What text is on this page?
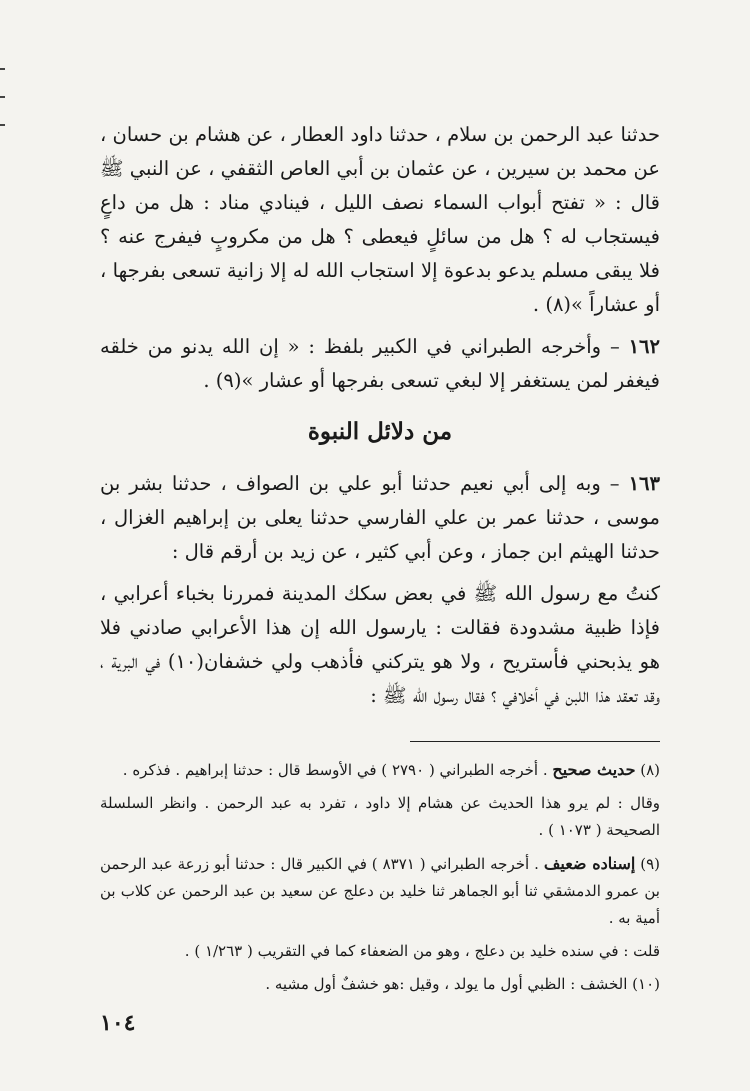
حدثنا عبد الرحمن بن سلام ، حدثنا داود العطار ، عن هشام بن حسان ، عن محمد بن سيرين ، عن عثمان بن أبي العاص الثقفي ، عن النبي ﷺ قال : « تفتح أبواب السماء نصف الليل ، فينادي مناد : هل من داعٍ فيستجاب له ؟ هل من سائلٍ فيعطى ؟ هل من مكروبٍ فيفرج عنه ؟ فلا يبقى مسلم يدعو بدعوة إلا استجاب الله له إلا زانية تسعى بفرجها ، أو عشاراً »(٨) .

١٦٢ – وأخرجه الطبراني في الكبير بلفظ : « إن الله يدنو من خلقه فيغفر لمن يستغفر إلا لبغي تسعى بفرجها أو عشار »(٩) .

من دلائل النبوة

١٦٣ – وبه إلى أبي نعيم حدثنا أبو علي بن الصواف ، حدثنا بشر بن موسى ، حدثنا عمر بن علي الفارسي حدثنا يعلى بن إبراهيم الغزال ، حدثنا الهيثم ابن جماز ، وعن أبي كثير ، عن زيد بن أرقم قال :

كنتُ مع رسول الله ﷺ في بعض سكك المدينة فمررنا بخباء أعرابي ، فإذا ظبية مشدودة فقالت : يارسول الله إن هذا الأعرابي صادني فلا هو يذبحني فأستريح ، ولا هو يتركني فأذهب ولي خشفان(١٠) في البرية ، وقد تعقد هذا اللبن في أخلافي ؟ فقال رسول الله ﷺ :

(٨) حديث صحيح . أخرجه الطبراني ( ٢٧٩٠ ) في الأوسط قال : حدثنا إبراهيم . فذكره .

وقال : لم يرو هذا الحديث عن هشام إلا داود ، تفرد به عبد الرحمن . وانظر السلسلة الصحيحة ( ١٠٧٣ ) .

(٩) إسناده ضعيف . أخرجه الطبراني ( ٨٣٧١ ) في الكبير قال : حدثنا أبو زرعة عبد الرحمن بن عمرو الدمشقي ثنا أبو الجماهر ثنا خليد بن دعلج عن سعيد بن عبد الرحمن عن كلاب بن أمية به .

قلت : في سنده خليد بن دعلج ، وهو من الضعفاء كما في التقريب ( ١/٢٦٣ ) .

(١٠) الخشف : الظبي أول ما يولد ، وقيل :هو خشفٌ أول مشيه .

١٠٤
